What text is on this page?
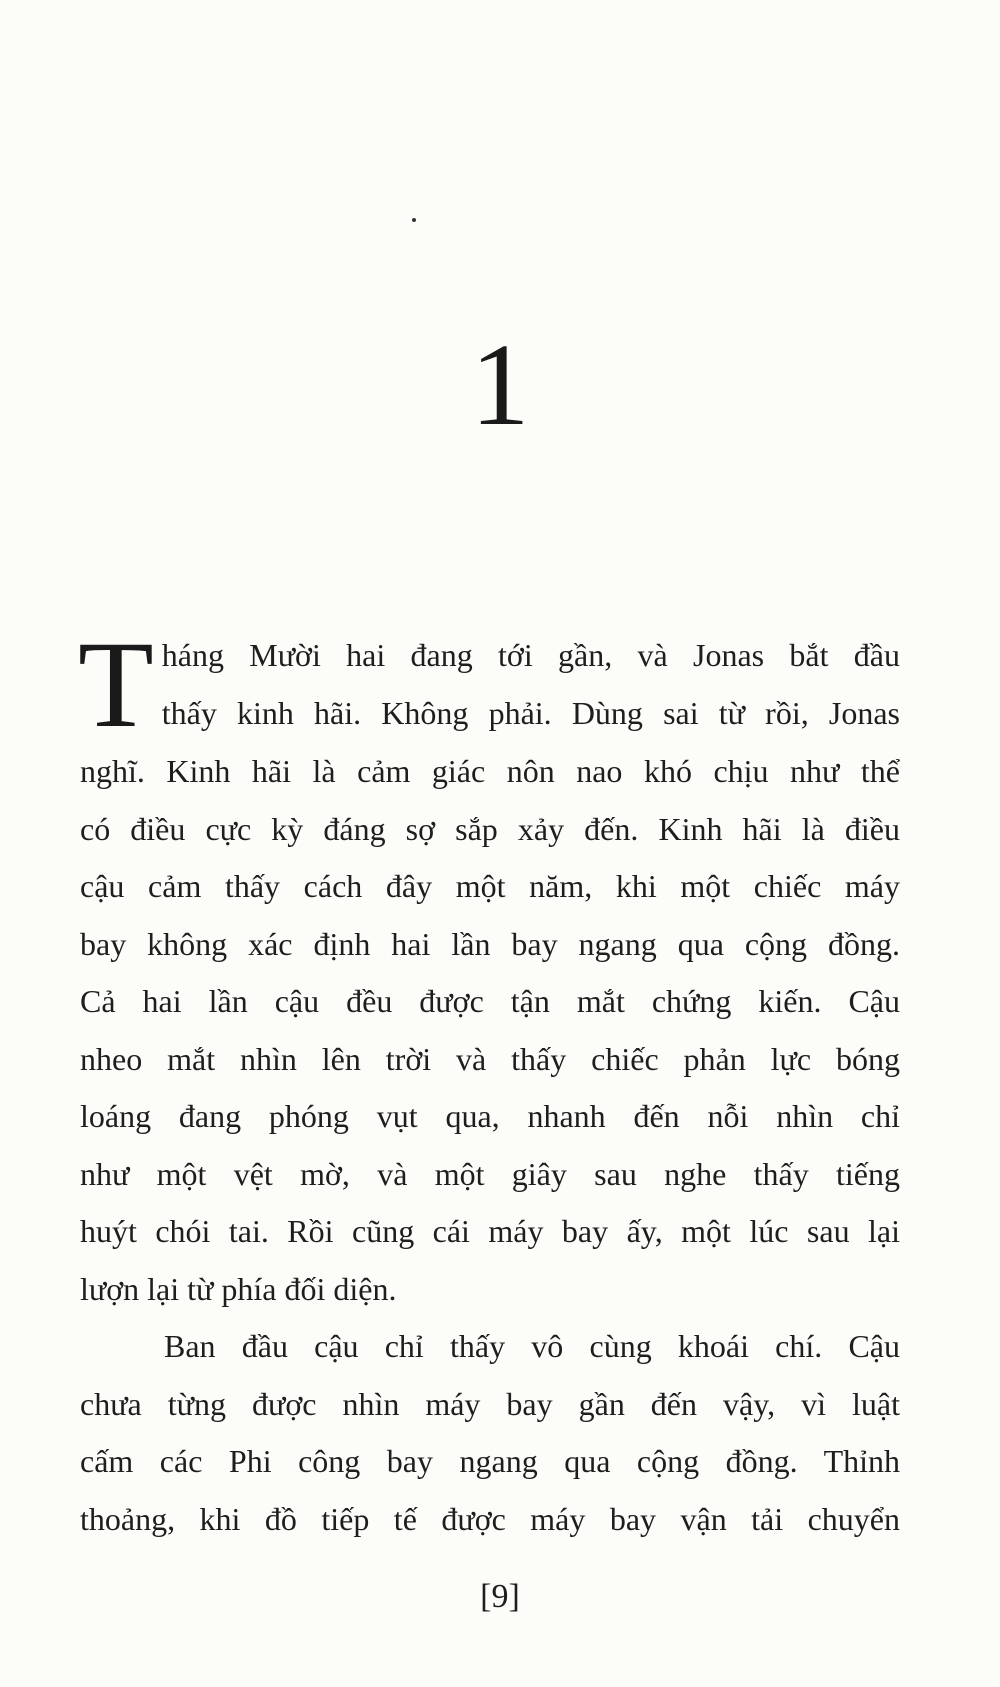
1
T háng Mười hai đang tới gần, và Jonas bắt đầu
thấy kinh hãi. Không phải. Dùng sai từ rồi, Jonas
nghĩ. Kinh hãi là cảm giác nôn nao khó chịu như thể
có điều cực kỳ đáng sợ sắp xảy đến. Kinh hãi là điều
cậu cảm thấy cách đây một năm, khi một chiếc máy
bay không xác định hai lần bay ngang qua cộng đồng.
Cả hai lần cậu đều được tận mắt chứng kiến. Cậu
nheo mắt nhìn lên trời và thấy chiếc phản lực bóng
loáng đang phóng vụt qua, nhanh đến nỗi nhìn chỉ
như một vệt mờ, và một giây sau nghe thấy tiếng
huýt chói tai. Rồi cũng cái máy bay ấy, một lúc sau lại
lượn lại từ phía đối diện.
Ban đầu cậu chỉ thấy vô cùng khoái chí. Cậu
chưa từng được nhìn máy bay gần đến vậy, vì luật
cấm các Phi công bay ngang qua cộng đồng. Thỉnh
thoảng, khi đồ tiếp tế được máy bay vận tải chuyển
[9]
